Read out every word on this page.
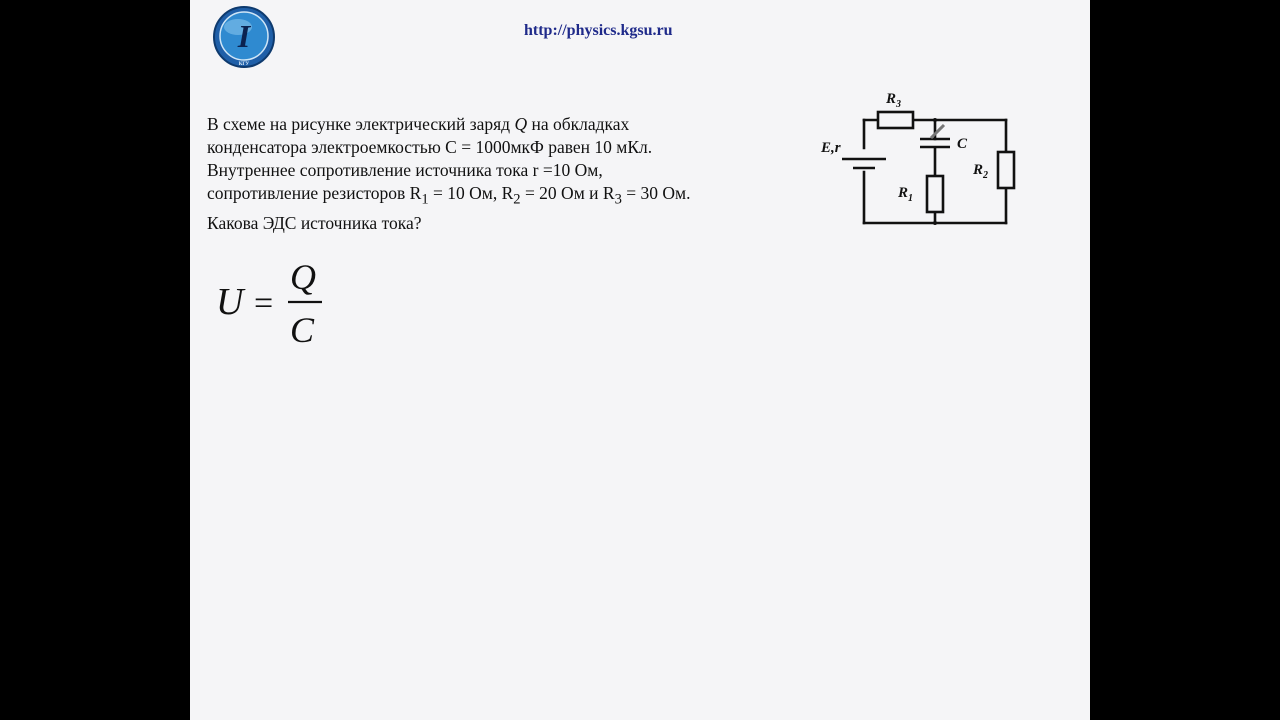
I
КГУ
http://physics.kgsu.ru

В схеме на рисунке электрический заряд Q на обкладках

конденсатора электроемкостью C = 1000мкФ равен 10 мКл.

Внутреннее сопротивление источника тока r =10 Ом,

сопротивление резисторов $R_1 = 10$ Ом, $R_2 = 20$ Ом и $R_3 = 30$ Ом.

Какова ЭДС источника тока?

$R_3$
E,r	C
$R_2$
$R_1$
U =
Q
C
